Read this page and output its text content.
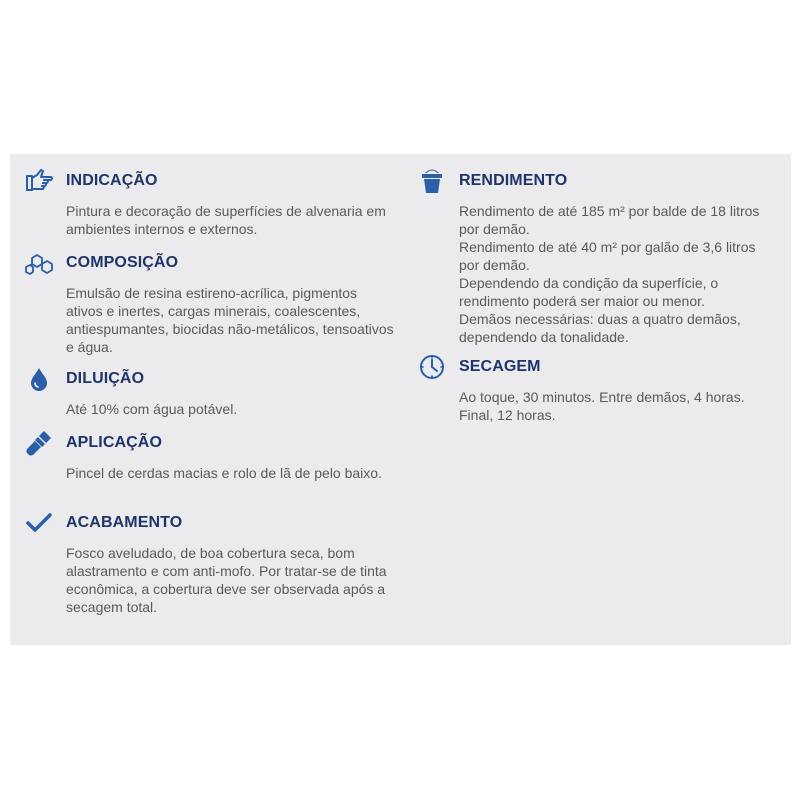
INDICAÇÃO

Pintura e decoração de superfícies de alvenaria em ambientes internos e externos.

COMPOSIÇÃO

Emulsão de resina estireno-acrílica, pigmentos ativos e inertes, cargas minerais, coalescentes, antiespumantes, biocidas não-metálicos, tensoativos e água.

DILUIÇÃO

Até 10% com água potável.

APLICAÇÃO

Pincel de cerdas macias e rolo de lã de pelo baixo.

ACABAMENTO

Fosco aveludado, de boa cobertura seca, bom alastramento e com anti-mofo. Por tratar-se de tinta econômica, a cobertura deve ser observada após a secagem total.

RENDIMENTO

Rendimento de até 185 m² por balde de 18 litros por demão.

Rendimento de até 40 m² por galão de 3,6 litros por demão.

Dependendo da condição da superfície, o rendimento poderá ser maior ou menor.

Demãos necessárias: duas a quatro demãos, dependendo da tonalidade.

SECAGEM

Ao toque, 30 minutos. Entre demãos, 4 horas. Final, 12 horas.
